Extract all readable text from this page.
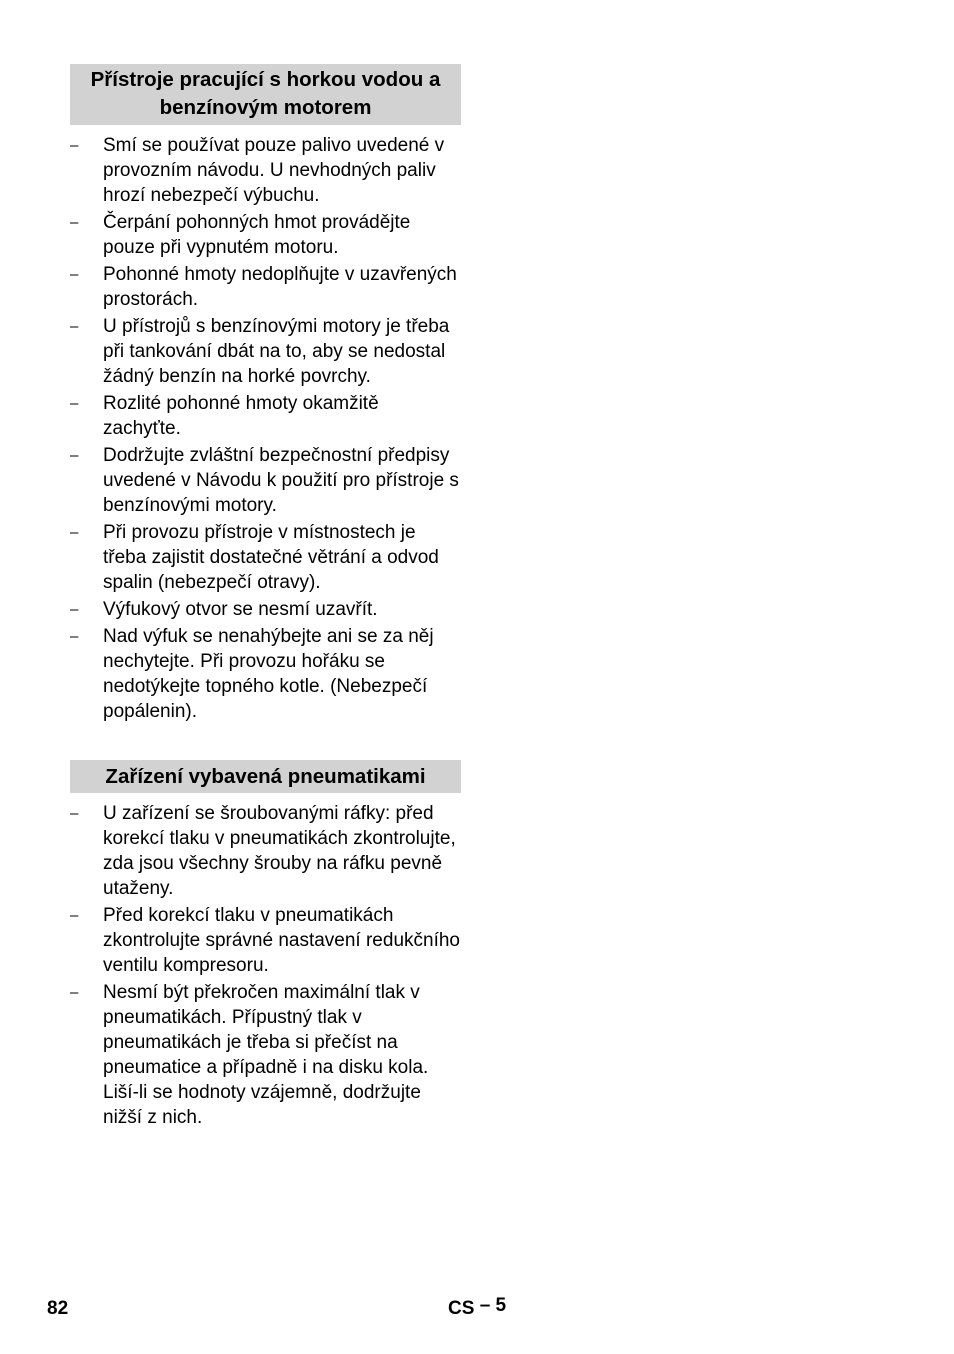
Přístroje pracující s horkou vodou a benzínovým motorem
– Smí se používat pouze palivo uvedené v provozním návodu. U nevhodných paliv hrozí nebezpečí výbuchu.
– Čerpání pohonných hmot provádějte pouze při vypnutém motoru.
– Pohonné hmoty nedoplňujte v uzavřených prostorách.
– U přístrojů s benzínovými motory je třeba při tankování dbát na to, aby se nedostal žádný benzín na horké povrchy.
– Rozlité pohonné hmoty okamžitě zachyťte.
– Dodržujte zvláštní bezpečnostní předpisy uvedené v Návodu k použití pro přístroje s benzínovými motory.
– Při provozu přístroje v místnostech je třeba zajistit dostatečné větrání a odvod spalin (nebezpečí otravy).
– Výfukový otvor se nesmí uzavřít.
– Nad výfuk se nenahýbejte ani se za něj nechytejte. Při provozu hořáku se nedotýkejte topného kotle. (Nebezpečí popálenin).
Zařízení vybavená pneumatikami
– U zařízení se šroubovanými ráfky: před korekcí tlaku v pneumatikách zkontrolujte, zda jsou všechny šrouby na ráfku pevně utaženy.
– Před korekcí tlaku v pneumatikách zkontrolujte správné nastavení redukčního ventilu kompresoru.
– Nesmí být překročen maximální tlak v pneumatikách. Přípustný tlak v pneumatikách je třeba si přečíst na pneumatice a případně i na disku kola. Liší-li se hodnoty vzájemně, dodržujte nižší z nich.
82	CS $^{- 5}$
